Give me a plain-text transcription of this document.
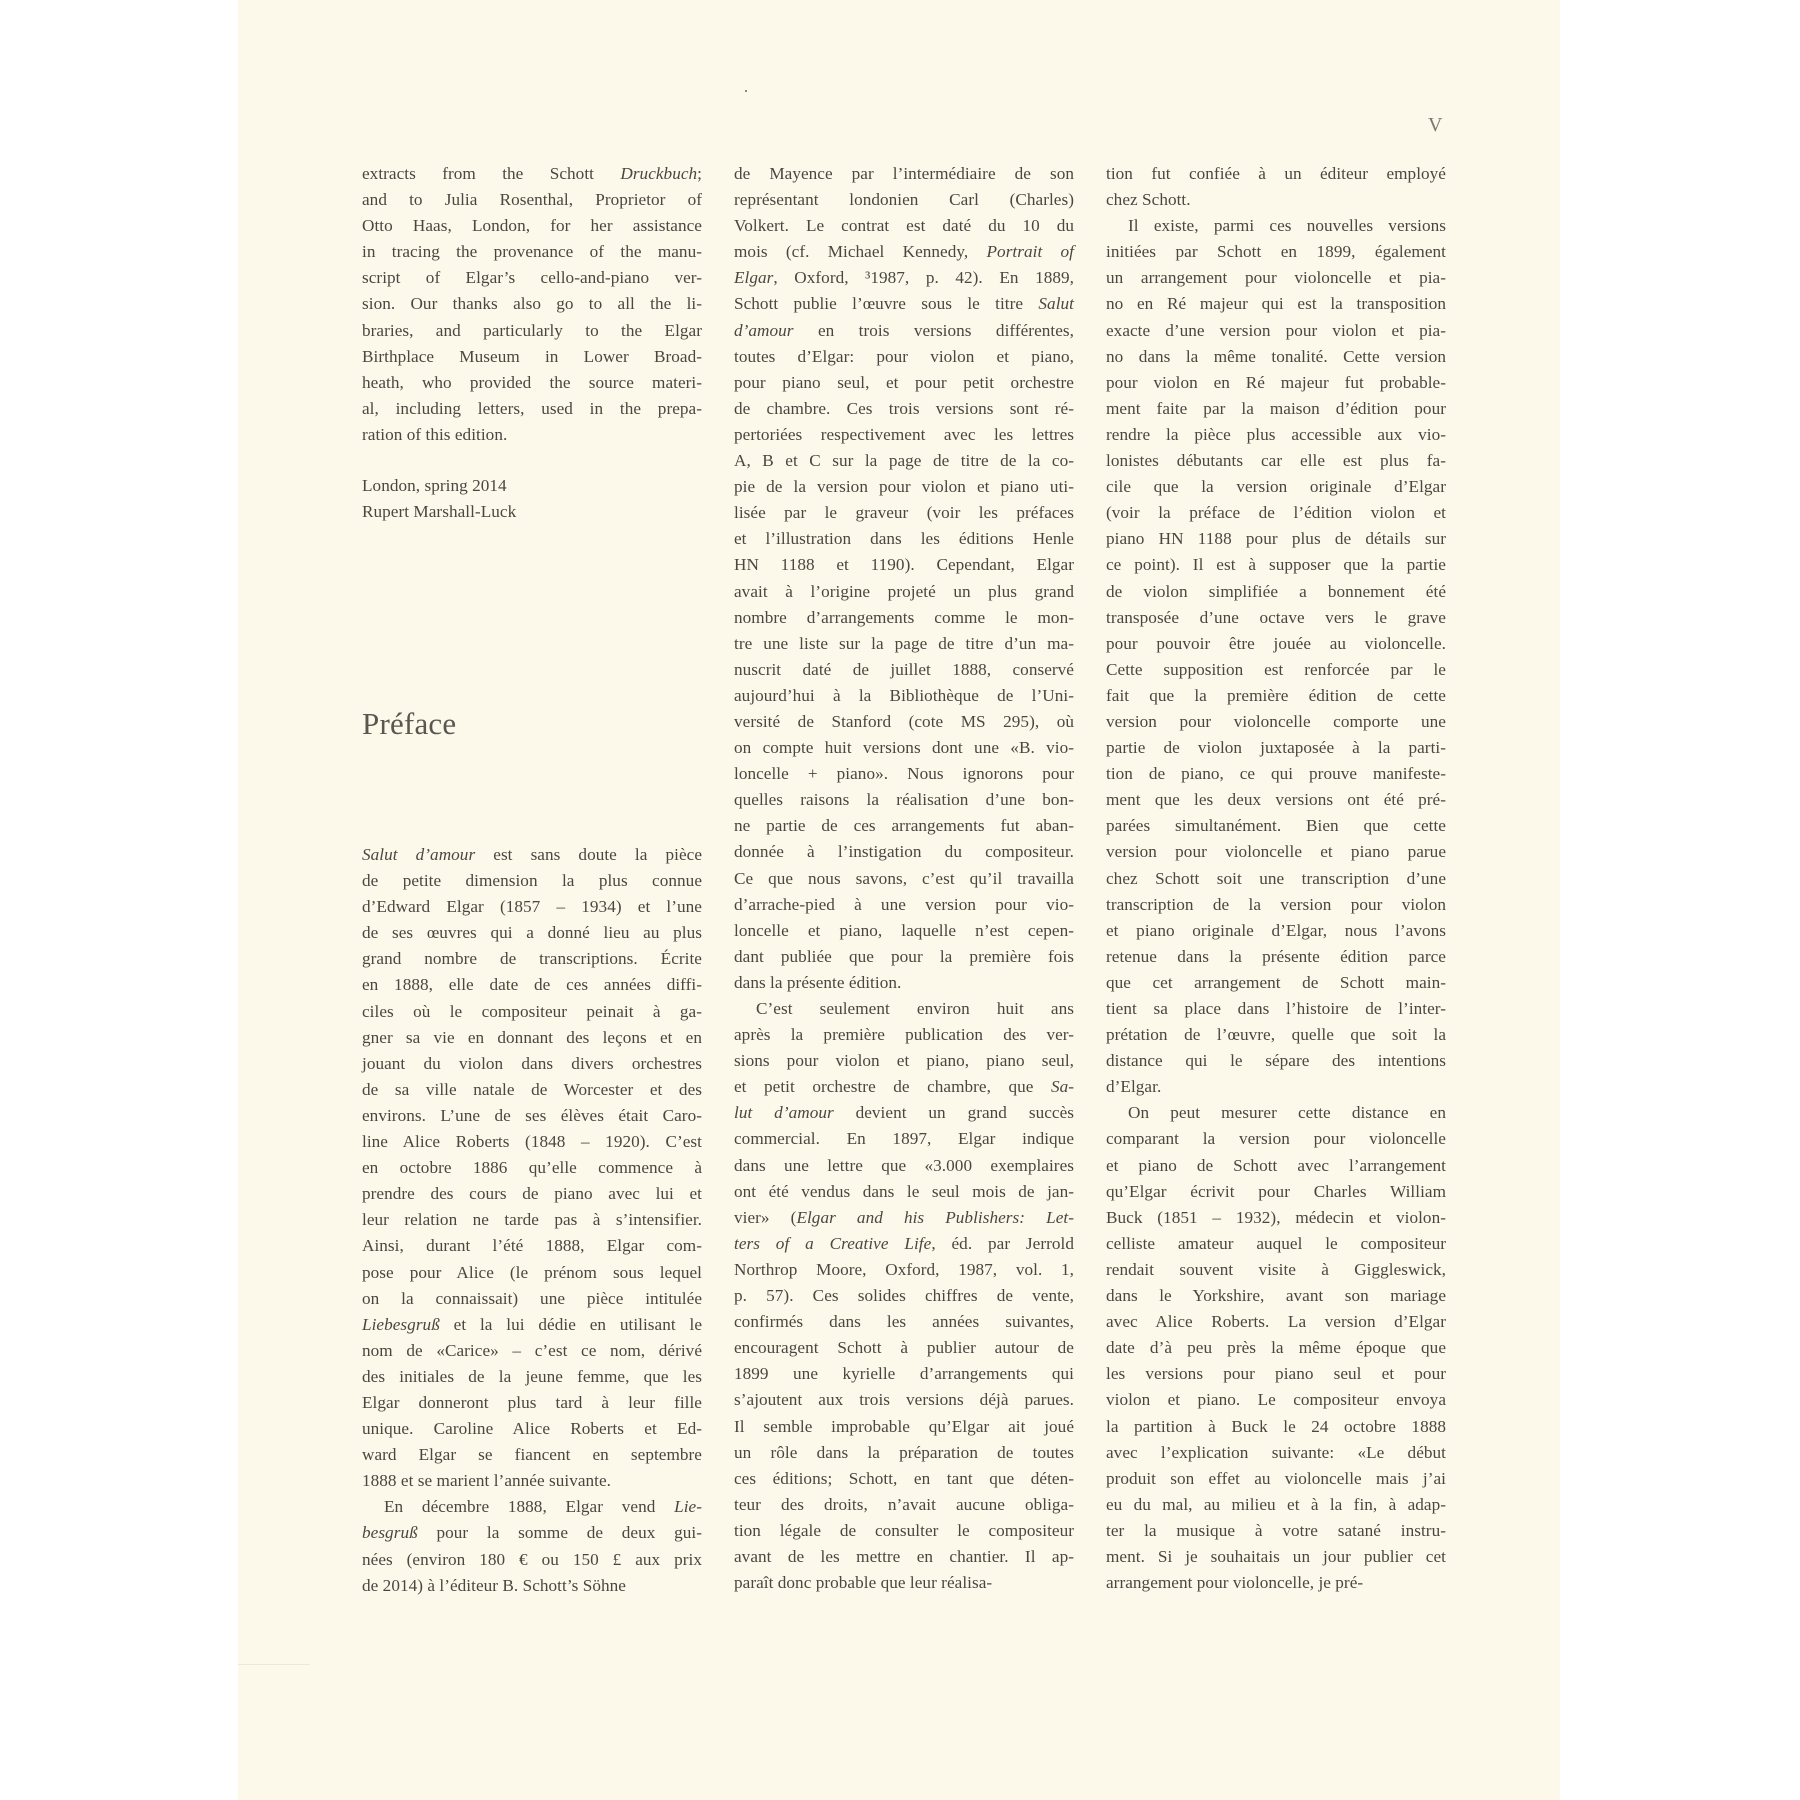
V
extracts from the Schott Druckbuch;
and to Julia Rosenthal, Proprietor of
Otto Haas, London, for her assistance
in tracing the provenance of the manu-
script of Elgar’s cello-and-piano ver-
sion. Our thanks also go to all the li-
braries, and particularly to the Elgar
Birthplace Museum in Lower Broad-
heath, who provided the source materi-
al, including letters, used in the prepa-
ration of this edition.
London, spring 2014
Rupert Marshall-Luck
Préface
Salut d’amour est sans doute la pièce
de petite dimension la plus connue
d’Edward Elgar (1857 – 1934) et l’une
de ses œuvres qui a donné lieu au plus
grand nombre de transcriptions. Écrite
en 1888, elle date de ces années diffi-
ciles où le compositeur peinait à ga-
gner sa vie en donnant des leçons et en
jouant du violon dans divers orchestres
de sa ville natale de Worcester et des
environs. L’une de ses élèves était Caro-
line Alice Roberts (1848 – 1920). C’est
en octobre 1886 qu’elle commence à
prendre des cours de piano avec lui et
leur relation ne tarde pas à s’intensifier.
Ainsi, durant l’été 1888, Elgar com-
pose pour Alice (le prénom sous lequel
on la connaissait) une pièce intitulée
Liebesgruß et la lui dédie en utilisant le
nom de «Carice» – c’est ce nom, dérivé
des initiales de la jeune femme, que les
Elgar donneront plus tard à leur fille
unique. Caroline Alice Roberts et Ed-
ward Elgar se fiancent en septembre
1888 et se marient l’année suivante.
En décembre 1888, Elgar vend Lie-
besgruß pour la somme de deux gui-
nées (environ 180 € ou 150 £ aux prix
de 2014) à l’éditeur B. Schott’s Söhne
de Mayence par l’intermédiaire de son
représentant londonien Carl (Charles)
Volkert. Le contrat est daté du 10 du
mois (cf. Michael Kennedy, Portrait of
Elgar, Oxford, ³1987, p. 42). En 1889,
Schott publie l’œuvre sous le titre Salut
d’amour en trois versions différentes,
toutes d’Elgar: pour violon et piano,
pour piano seul, et pour petit orchestre
de chambre. Ces trois versions sont ré-
pertoriées respectivement avec les lettres
A, B et C sur la page de titre de la co-
pie de la version pour violon et piano uti-
lisée par le graveur (voir les préfaces
et l’illustration dans les éditions Henle
HN 1188 et 1190). Cependant, Elgar
avait à l’origine projeté un plus grand
nombre d’arrangements comme le mon-
tre une liste sur la page de titre d’un ma-
nuscrit daté de juillet 1888, conservé
aujourd’hui à la Bibliothèque de l’Uni-
versité de Stanford (cote MS 295), où
on compte huit versions dont une «B. vio-
loncelle + piano». Nous ignorons pour
quelles raisons la réalisation d’une bon-
ne partie de ces arrangements fut aban-
donnée à l’instigation du compositeur.
Ce que nous savons, c’est qu’il travailla
d’arrache-pied à une version pour vio-
loncelle et piano, laquelle n’est cepen-
dant publiée que pour la première fois
dans la présente édition.
C’est seulement environ huit ans
après la première publication des ver-
sions pour violon et piano, piano seul,
et petit orchestre de chambre, que Sa-
lut d’amour devient un grand succès
commercial. En 1897, Elgar indique
dans une lettre que «3.000 exemplaires
ont été vendus dans le seul mois de jan-
vier» (Elgar and his Publishers: Let-
ters of a Creative Life, éd. par Jerrold
Northrop Moore, Oxford, 1987, vol. 1,
p. 57). Ces solides chiffres de vente,
confirmés dans les années suivantes,
encouragent Schott à publier autour de
1899 une kyrielle d’arrangements qui
s’ajoutent aux trois versions déjà parues.
Il semble improbable qu’Elgar ait joué
un rôle dans la préparation de toutes
ces éditions; Schott, en tant que déten-
teur des droits, n’avait aucune obliga-
tion légale de consulter le compositeur
avant de les mettre en chantier. Il ap-
paraît donc probable que leur réalisa-
tion fut confiée à un éditeur employé
chez Schott.
Il existe, parmi ces nouvelles versions
initiées par Schott en 1899, également
un arrangement pour violoncelle et pia-
no en Ré majeur qui est la transposition
exacte d’une version pour violon et pia-
no dans la même tonalité. Cette version
pour violon en Ré majeur fut probable-
ment faite par la maison d’édition pour
rendre la pièce plus accessible aux vio-
lonistes débutants car elle est plus fa-
cile que la version originale d’Elgar
(voir la préface de l’édition violon et
piano HN 1188 pour plus de détails sur
ce point). Il est à supposer que la partie
de violon simplifiée a bonnement été
transposée d’une octave vers le grave
pour pouvoir être jouée au violoncelle.
Cette supposition est renforcée par le
fait que la première édition de cette
version pour violoncelle comporte une
partie de violon juxtaposée à la parti-
tion de piano, ce qui prouve manifeste-
ment que les deux versions ont été pré-
parées simultanément. Bien que cette
version pour violoncelle et piano parue
chez Schott soit une transcription d’une
transcription de la version pour violon
et piano originale d’Elgar, nous l’avons
retenue dans la présente édition parce
que cet arrangement de Schott main-
tient sa place dans l’histoire de l’inter-
prétation de l’œuvre, quelle que soit la
distance qui le sépare des intentions
d’Elgar.
On peut mesurer cette distance en
comparant la version pour violoncelle
et piano de Schott avec l’arrangement
qu’Elgar écrivit pour Charles William
Buck (1851 – 1932), médecin et violon-
celliste amateur auquel le compositeur
rendait souvent visite à Giggleswick,
dans le Yorkshire, avant son mariage
avec Alice Roberts. La version d’Elgar
date d’à peu près la même époque que
les versions pour piano seul et pour
violon et piano. Le compositeur envoya
la partition à Buck le 24 octobre 1888
avec l’explication suivante: «Le début
produit son effet au violoncelle mais j’ai
eu du mal, au milieu et à la fin, à adap-
ter la musique à votre satané instru-
ment. Si je souhaitais un jour publier cet
arrangement pour violoncelle, je pré-
